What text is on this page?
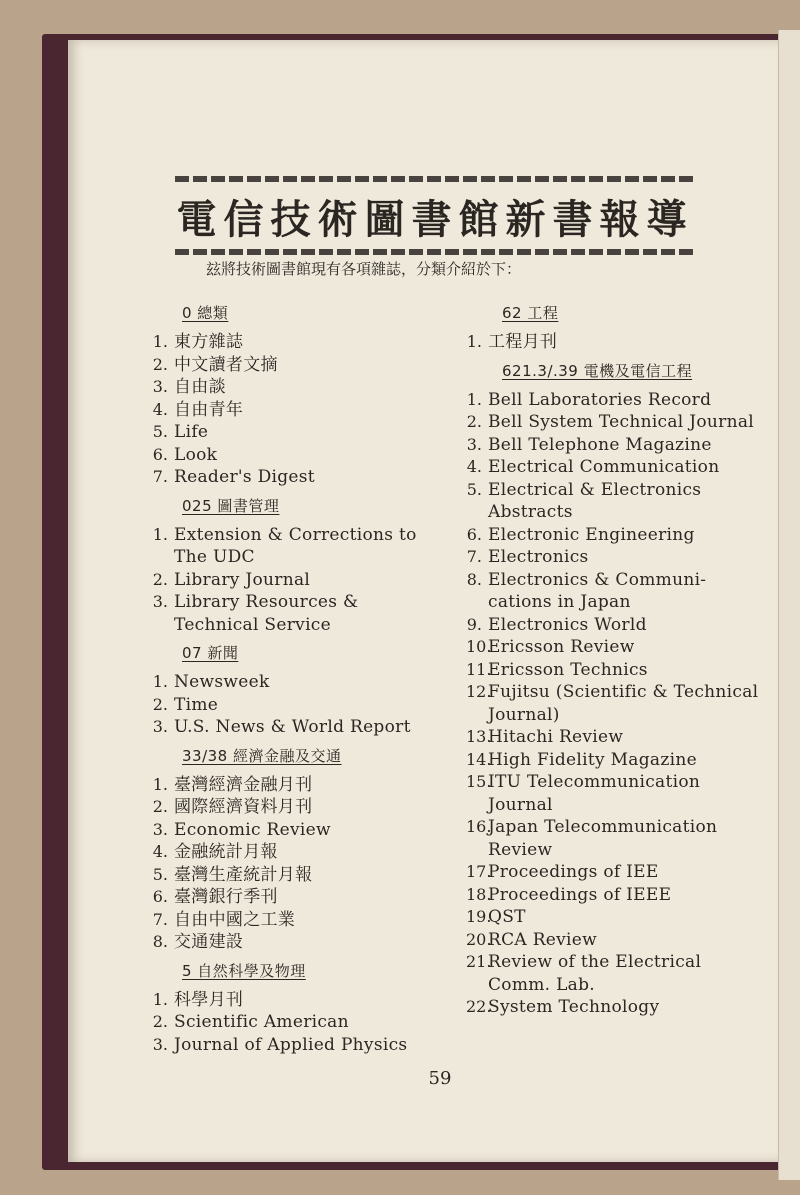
電信技術圖書館新書報導
玆將技術圖書館現有各項雜誌，分類介紹於下：
0 總類
1. 東方雜誌
2. 中文讀者文摘
3. 自由談
4. 自由青年
5. Life
6. Look
7. Reader's Digest
025 圖書管理
1. Extension & Corrections to The UDC
2. Library Journal
3. Library Resources & Technical Service
07 新聞
1. Newsweek
2. Time
3. U.S. News & World Report
33/38 經濟金融及交通
1. 臺灣經濟金融月刊
2. 國際經濟資料月刊
3. Economic Review
4. 金融統計月報
5. 臺灣生產統計月報
6. 臺灣銀行季刊
7. 自由中國之工業
8. 交通建設
5 自然科學及物理
1. 科學月刊
2. Scientific American
3. Journal of Applied Physics
62 工程
1. 工程月刊
621.3/.39 電機及電信工程
1. Bell Laboratories Record
2. Bell System Technical Journal
3. Bell Telephone Magazine
4. Electrical Communication
5. Electrical & Electronics Abstracts
6. Electronic Engineering
7. Electronics
8. Electronics & Communi-cations in Japan
9. Electronics World
10.
Ericsson Review
11.
Ericsson Technics
12.
Fujitsu (Scientific & Technical Journal)
13.
Hitachi Review
14.
High Fidelity Magazine
15.
ITU Telecommunication Journal
16.
Japan Telecommunication Review
17.
Proceedings of IEE
18.
Proceedings of IEEE
19.
QST
20.
RCA Review
21.
Review of the Electrical Comm. Lab.
22.
System Technology
59
